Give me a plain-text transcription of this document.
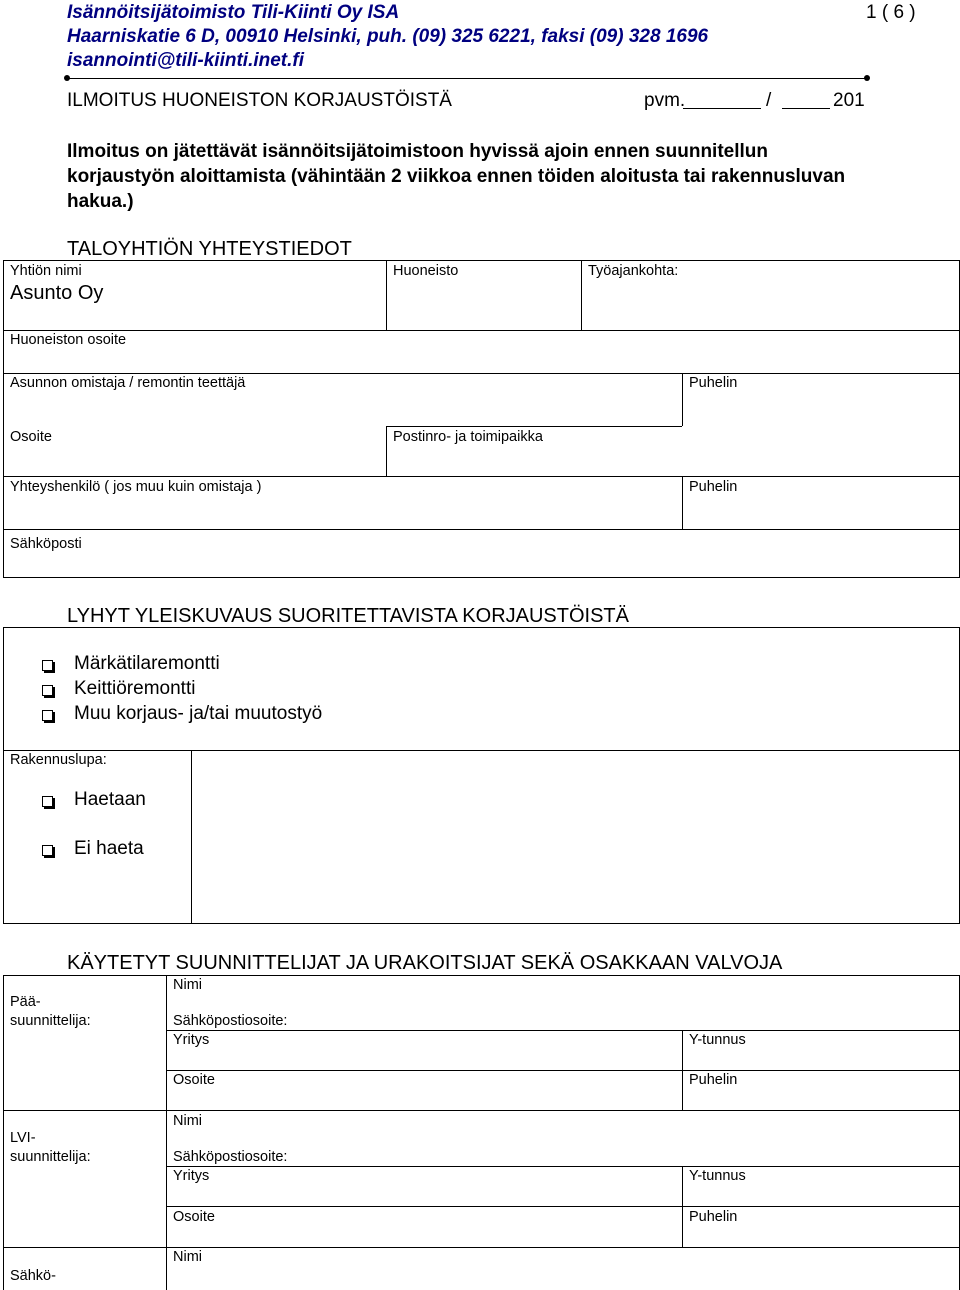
Isännöitsijätoimisto Tili-Kiinti Oy ISA
Haarniskatie 6 D, 00910 Helsinki, puh. (09) 325 6221, faksi (09) 328 1696
isannointi@tili-kiinti.inet.fi
1 ( 6 )
ILMOITUS HUONEISTON KORJAUSTÖISTÄ	pvm.	/	201
Ilmoitus on jätettävät isännöitsijätoimistoon hyvissä ajoin ennen suunnitellun korjaustyön aloittamista (vähintään 2 viikkoa ennen töiden aloitusta tai rakennusluvan hakua.)
TALOYHTIÖN YHTEYSTIEDOT
Yhtiön nimi
Asunto Oy
Huoneisto	Työajankohta:
Huoneiston osoite
Asunnon omistaja / remontin teettäjä	Puhelin
Osoite	Postinro- ja toimipaikka
Yhteyshenkilö ( jos muu kuin omistaja )	Puhelin
Sähköposti
LYHYT YLEISKUVAUS SUORITETTAVISTA KORJAUSTÖISTÄ
Märkätilaremontti
Keittiöremontti
Muu korjaus- ja/tai muutostyö
Rakennuslupa:
Haetaan
Ei haeta
KÄYTETYT SUUNNITTELIJAT JA URAKOITSIJAT SEKÄ OSAKKAAN VALVOJA
Pää-
suunnittelija:
Nimi
Sähköpostiosoite:
Yritys	Y-tunnus
Osoite	Puhelin
LVI-
suunnittelija:
Nimi
Sähköpostiosoite:
Yritys	Y-tunnus
Osoite	Puhelin
Sähkö-
Nimi
